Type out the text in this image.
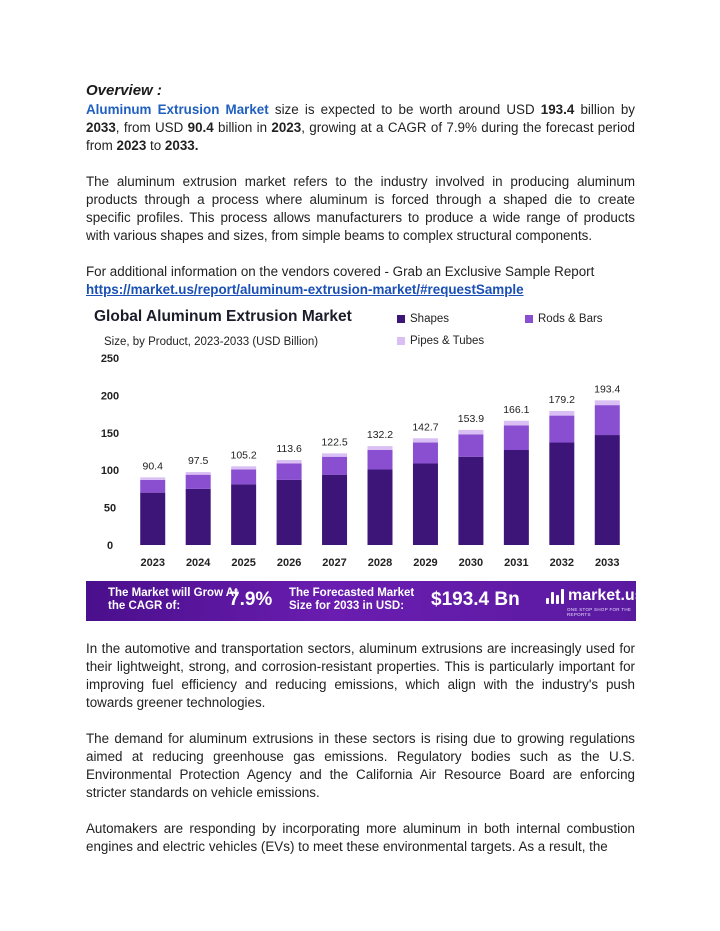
Overview :

Aluminum Extrusion Market size is expected to be worth around USD 193.4 billion by 2033, from USD 90.4 billion in 2023, growing at a CAGR of 7.9% during the forecast period from 2023 to 2033.

The aluminum extrusion market refers to the industry involved in producing aluminum products through a process where aluminum is forced through a shaped die to create specific profiles. This process allows manufacturers to produce a wide range of products with various shapes and sizes, from simple beams to complex structural components.

For additional information on the vendors covered - Grab an Exclusive Sample Report

https://market.us/report/aluminum-extrusion-market/#requestSample
Global Aluminum Extrusion Market
Size, by Product, 2023-2033 (USD Billion)
Shapes	Rods & Bars
Pipes & Tubes
0
50
100
150
200
250
90.4
2023
97.5
2024
105.2
2025
113.6
2026
122.5
2027
132.2
2028
142.7
2029
153.9
2030
166.1
2031
179.2
2032
193.4
2033
The Market will Grow At the CAGR of:	7.9% The Forecasted Market Size for 2033 in USD:	$193.4 Bn	market.us
ONE STOP SHOP FOR THE REPORTS

In the automotive and transportation sectors, aluminum extrusions are increasingly used for their lightweight, strong, and corrosion-resistant properties. This is particularly important for improving fuel efficiency and reducing emissions, which align with the industry's push towards greener technologies.

The demand for aluminum extrusions in these sectors is rising due to growing regulations aimed at reducing greenhouse gas emissions. Regulatory bodies such as the U.S. Environmental Protection Agency and the California Air Resource Board are enforcing stricter standards on vehicle emissions.

Automakers are responding by incorporating more aluminum in both internal combustion engines and electric vehicles (EVs) to meet these environmental targets. As a result, the
